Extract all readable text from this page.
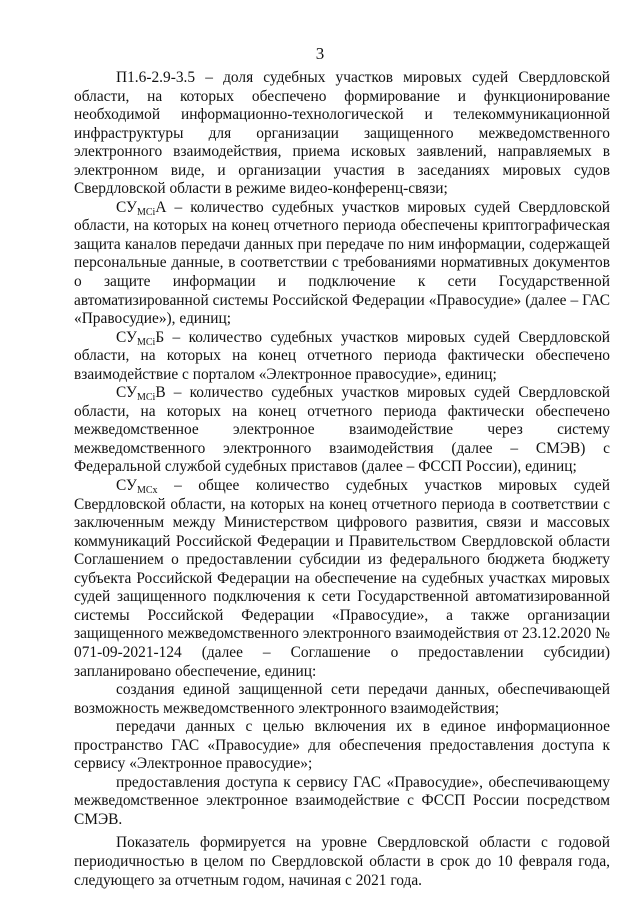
3

П1.6-2.9-3.5 – доля судебных участков мировых судей Свердловской области, на которых обеспечено формирование и функционирование необходимой информационно-технологической и телекоммуникационной инфраструктуры для организации защищенного межведомственного электронного взаимодействия, приема исковых заявлений, направляемых в электронном виде, и организации участия в заседаниях мировых судов Свердловской области в режиме видео-конференц-связи;

$СУ_{МСi}А$ – количество судебных участков мировых судей Свердловской области, на которых на конец отчетного периода обеспечены криптографическая защита каналов передачи данных при передаче по ним информации, содержащей персональные данные, в соответствии с требованиями нормативных документов о защите информации и подключение к сети Государственной автоматизированной системы Российской Федерации «Правосудие» (далее – ГАС «Правосудие»), единиц;

$СУ_{МСi}Б$ – количество судебных участков мировых судей Свердловской области, на которых на конец отчетного периода фактически обеспечено взаимодействие с порталом «Электронное правосудие», единиц;

$СУ_{МСi}В$ – количество судебных участков мировых судей Свердловской области, на которых на конец отчетного периода фактически обеспечено межведомственное электронное взаимодействие через систему межведомственного электронного взаимодействия (далее – СМЭВ) с Федеральной службой судебных приставов (далее – ФССП России), единиц;

$СУ_{МСх}$ – общее количество судебных участков мировых судей Свердловской области, на которых на конец отчетного периода в соответствии с заключенным между Министерством цифрового развития, связи и массовых коммуникаций Российской Федерации и Правительством Свердловской области Соглашением о предоставлении субсидии из федерального бюджета бюджету субъекта Российской Федерации на обеспечение на судебных участках мировых судей защищенного подключения к сети Государственной автоматизированной системы Российской Федерации «Правосудие», а также организации защищенного межведомственного электронного взаимодействия от 23.12.2020 № 071-09-2021-124 (далее – Соглашение о предоставлении субсидии) запланировано обеспечение, единиц:

создания единой защищенной сети передачи данных, обеспечивающей возможность межведомственного электронного взаимодействия;

передачи данных с целью включения их в единое информационное пространство ГАС «Правосудие» для обеспечения предоставления доступа к сервису «Электронное правосудие»;

предоставления доступа к сервису ГАС «Правосудие», обеспечивающему межведомственное электронное взаимодействие с ФССП России посредством СМЭВ.

Показатель формируется на уровне Свердловской области с годовой периодичностью в целом по Свердловской области в срок до 10 февраля года, следующего за отчетным годом, начиная с 2021 года.
